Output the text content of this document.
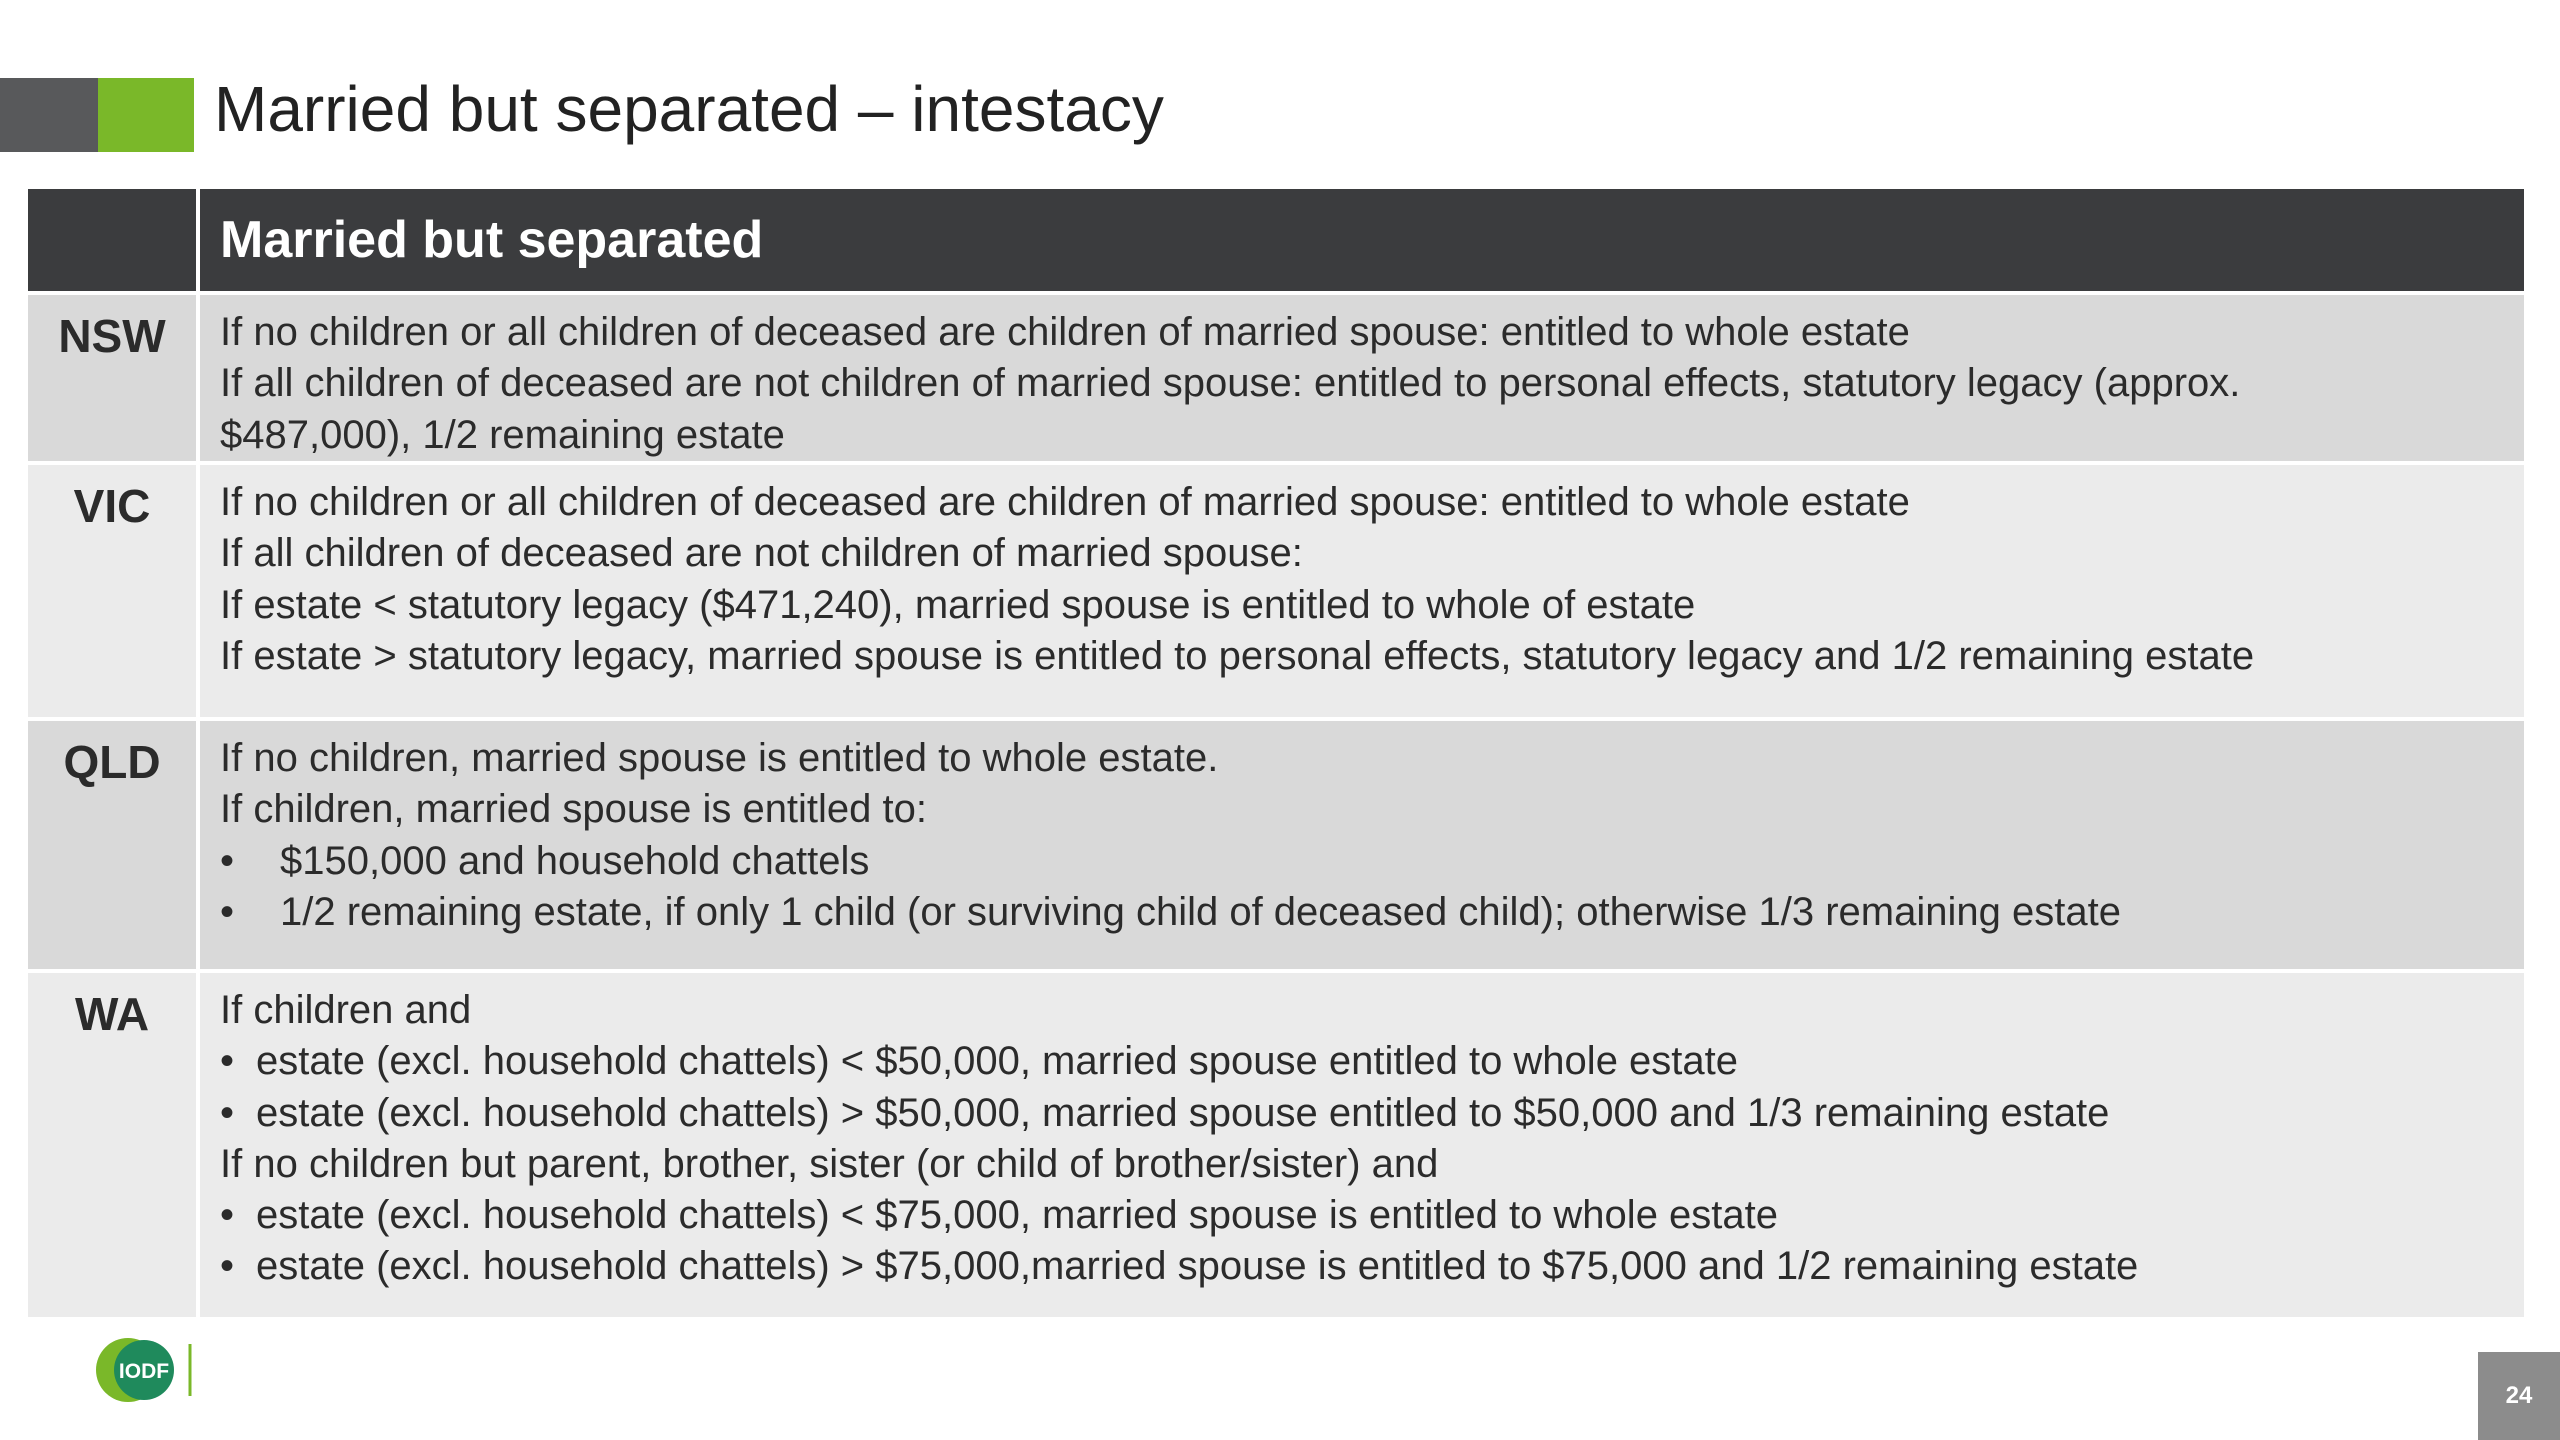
Married but separated – intestacy
Married but separated
NSW	If no children or all children of deceased are children of married spouse: entitled to whole estate
If all children of deceased are not children of married spouse: entitled to personal effects, statutory legacy (approx.
$487,000), 1/2 remaining estate
VIC	If no children or all children of deceased are children of married spouse: entitled to whole estate
If all children of deceased are not children of married spouse:
If estate < statutory legacy ($471,240), married spouse is entitled to whole of estate
If estate > statutory legacy, married spouse is entitled to personal effects, statutory legacy and 1/2 remaining estate
QLD	If no children, married spouse is entitled to whole estate.
If children, married spouse is entitled to:
•	$150,000 and household chattels
•	1/2 remaining estate, if only 1 child (or surviving child of deceased child); otherwise 1/3 remaining estate
WA	If children and
• estate (excl. household chattels) < $50,000, married spouse entitled to whole estate
• estate (excl. household chattels) > $50,000, married spouse entitled to $50,000 and 1/3 remaining estate
If no children but parent, brother, sister (or child of brother/sister) and
• estate (excl. household chattels) < $75,000, married spouse is entitled to whole estate
• estate (excl. household chattels) > $75,000,married spouse is entitled to $75,000 and 1/2 remaining estate
IODF
24
